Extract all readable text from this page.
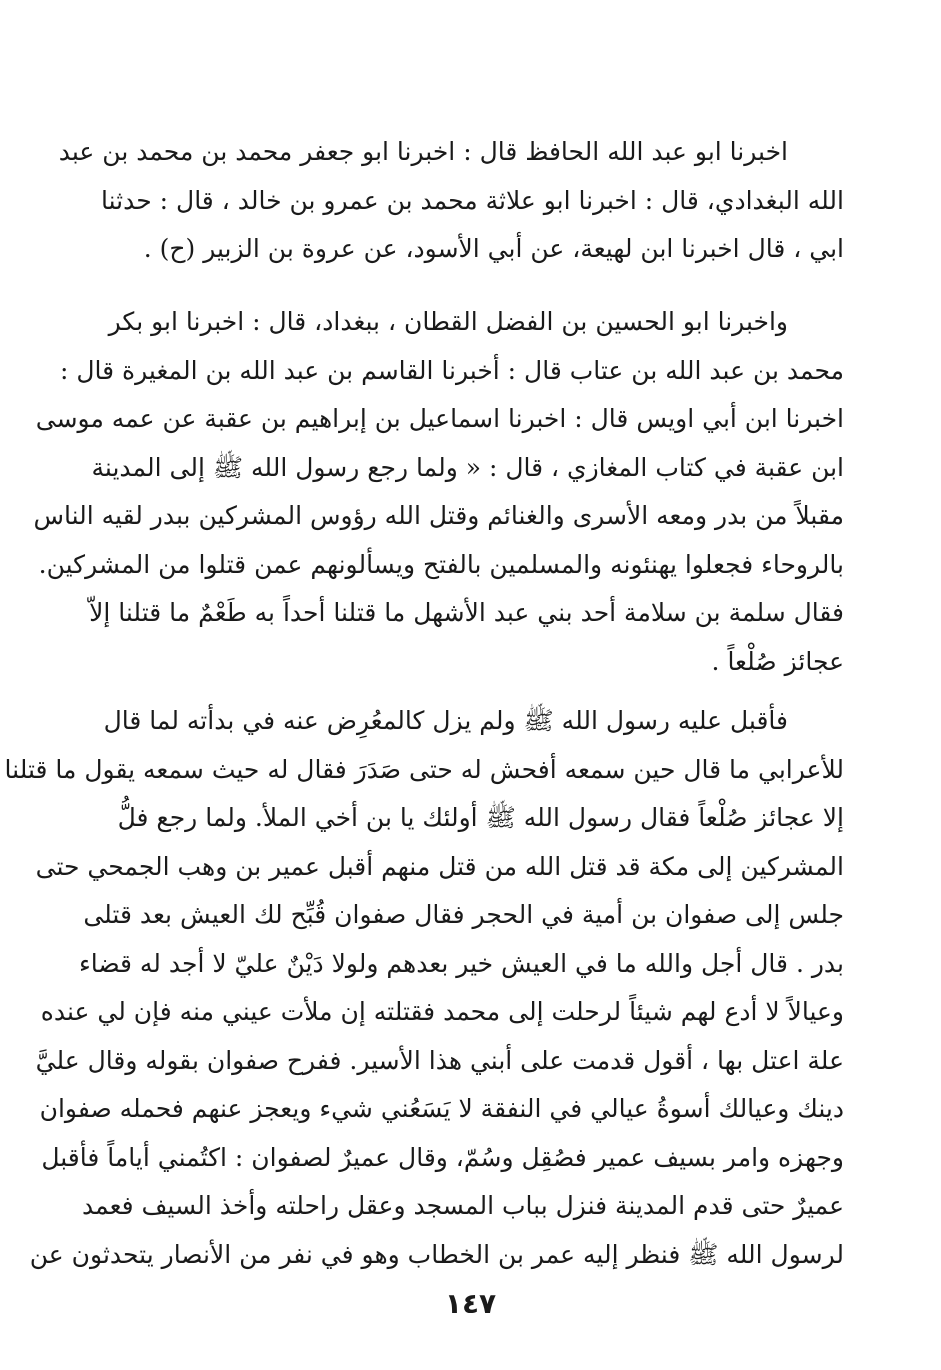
اخبرنا ابو عبد الله الحافظ قال : اخبرنا ابو جعفر محمد بن محمد بن عبد
الله البغدادي، قال : اخبرنا ابو علاثة محمد بن عمرو بن خالد ، قال : حدثنا
ابي ، قال اخبرنا ابن لهيعة، عن أبي الأسود، عن عروة بن الزبير (ح) .
واخبرنا ابو الحسين بن الفضل القطان ، ببغداد، قال : اخبرنا ابو بكر
محمد بن عبد الله بن عتاب قال : أخبرنا القاسم بن عبد الله بن المغيرة قال :
اخبرنا ابن أبي اويس قال : اخبرنا اسماعيل بن إبراهيم بن عقبة عن عمه موسى
ابن عقبة في كتاب المغازي ، قال : « ولما رجع رسول الله ﷺ إلى المدينة
مقبلاً من بدر ومعه الأسرى والغنائم وقتل الله رؤوس المشركين ببدر لقيه الناس
بالروحاء فجعلوا يهنئونه والمسلمين بالفتح ويسألونهم عمن قتلوا من المشركين.
فقال سلمة بن سلامة أحد بني عبد الأشهل ما قتلنا أحداً به طَعْمٌ ما قتلنا إلاّ
عجائز صُلْعاً .
فأقبل عليه رسول الله ﷺ ولم يزل كالمعُرِض عنه في بدأته لما قال
للأعرابي ما قال حين سمعه أفحش له حتى صَدَرَ فقال له حيث سمعه يقول ما قتلنا
إلا عجائز صُلْعاً فقال رسول الله ﷺ أولئك يا بن أخي الملأ. ولما رجع فلُّ
المشركين إلى مكة قد قتل الله من قتل منهم أقبل عمير بن وهب الجمحي حتى
جلس إلى صفوان بن أمية في الحجر فقال صفوان قُبِّح لك العيش بعد قتلى
بدر . قال أجل والله ما في العيش خير بعدهم ولولا دَيْنٌ عليّ لا أجد له قضاء
وعيالاً لا أدع لهم شيئاً لرحلت إلى محمد فقتلته إن ملأت عيني منه فإن لي عنده
علة اعتل بها ، أقول قدمت على أبني هذا الأسير. ففرح صفوان بقوله وقال عليَّ
دينك وعيالك أسوةُ عيالي في النفقة لا يَسَعُني شيء ويعجز عنهم فحمله صفوان
وجهزه وامر بسيف عمير فصُقِل وسُمّ، وقال عميرٌ لصفوان : اكتُمني أياماً فأقبل
عميرٌ حتى قدم المدينة فنزل بباب المسجد وعقل راحلته وأخذ السيف فعمد
لرسول الله ﷺ فنظر إليه عمر بن الخطاب وهو في نفر من الأنصار يتحدثون عن
١٤٧
